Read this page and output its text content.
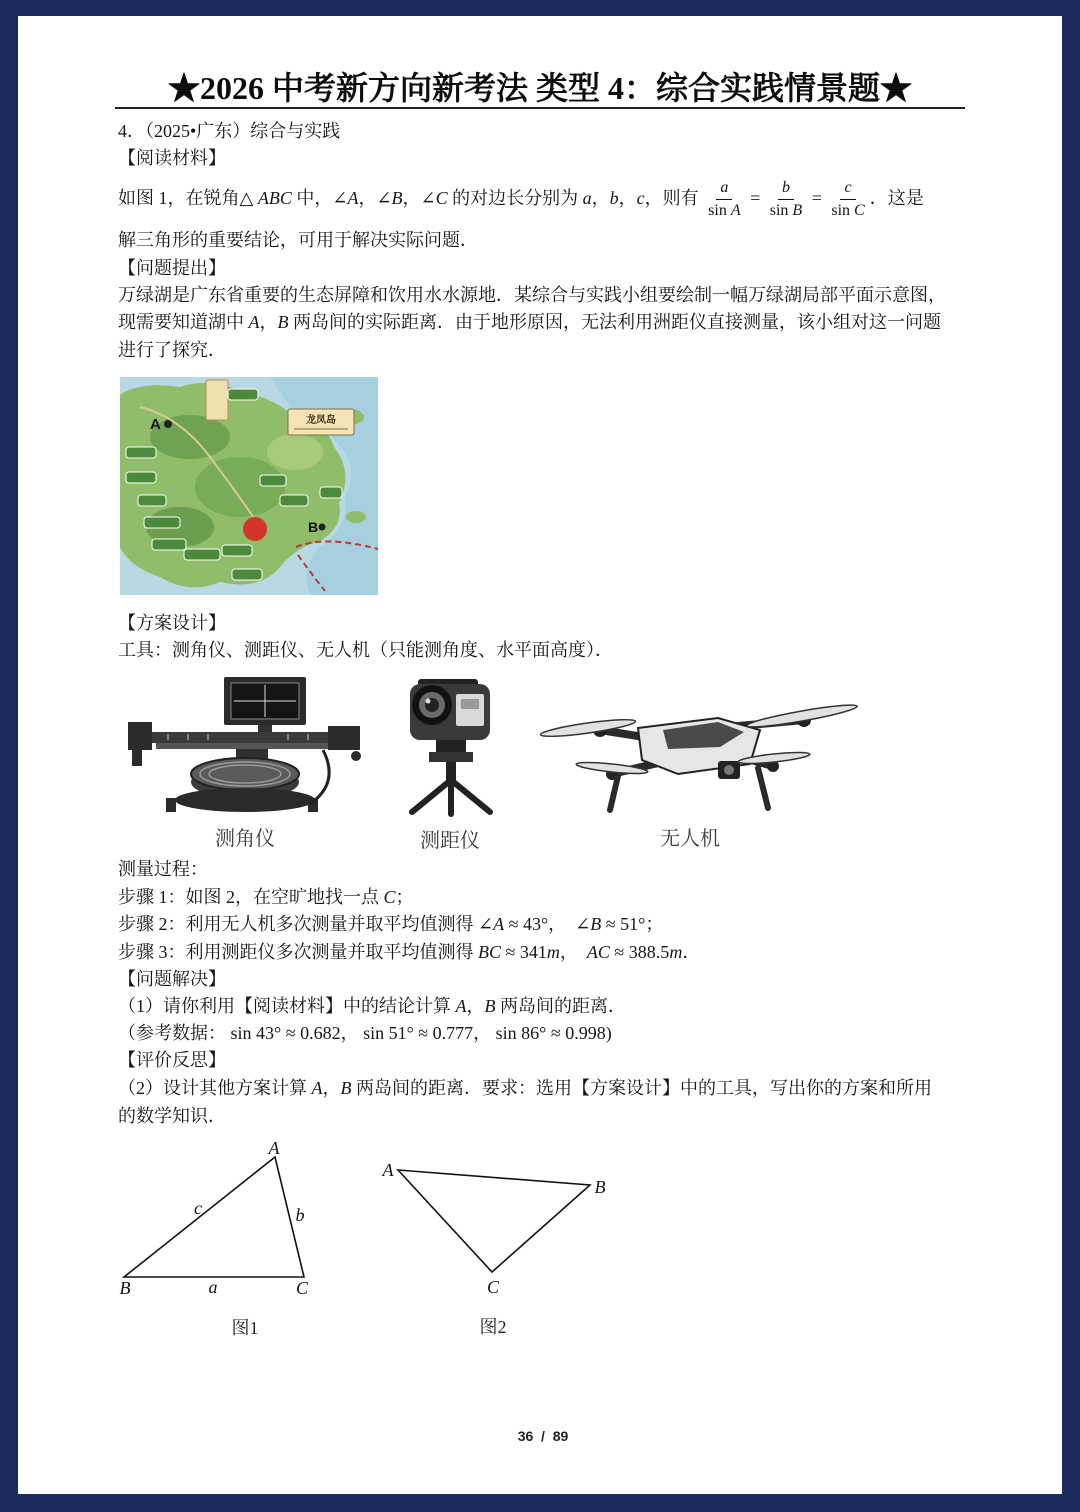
★2026 中考新方向新考法 类型 4：综合实践情景题★
4．（2025•广东）综合与实践
【阅读材料】
如图 1，在锐角△ ABC 中，∠A，∠B，∠C 的对边长分别为 a，b，c，则有 $\frac{a}{\text{sin A}} = \frac{b}{\text{sin B}} = \frac{c}{\text{sin C}}$ ．这是
解三角形的重要结论，可用于解决实际问题．
【问题提出】
万绿湖是广东省重要的生态屏障和饮用水水源地．某综合与实践小组要绘制一幅万绿湖局部平面示意图，
现需要知道湖中 A，B 两岛间的实际距离．由于地形原因，无法利用洲距仪直接测量，该小组对这一问题
进行了探究．
龙凤岛
A
B
【方案设计】
工具：测角仪、测距仪、无人机（只能测角度、水平面高度）．
测角仪	测距仪	无人机
测量过程：
步骤 1：如图 2，在空旷地找一点 C；
步骤 2：利用无人机多次测量并取平均值测得 ∠A ≈ 43°，  ∠B ≈ 51°；
步骤 3：利用测距仪多次测量并取平均值测得 BC ≈ 341m，  AC ≈ 388.5m．
【问题解决】
（1）请你利用【阅读材料】中的结论计算 A，B 两岛间的距离．
（参考数据： sin 43° ≈ 0.682， sin 51° ≈ 0.777， sin 86° ≈ 0.998)
【评价反思】
（2）设计其他方案计算 A，B 两岛间的距离．要求：选用【方案设计】中的工具，写出你的方案和所用
的数学知识．
A
B	C
a
b
c
图1
A
B
C
图2
36  /  89
